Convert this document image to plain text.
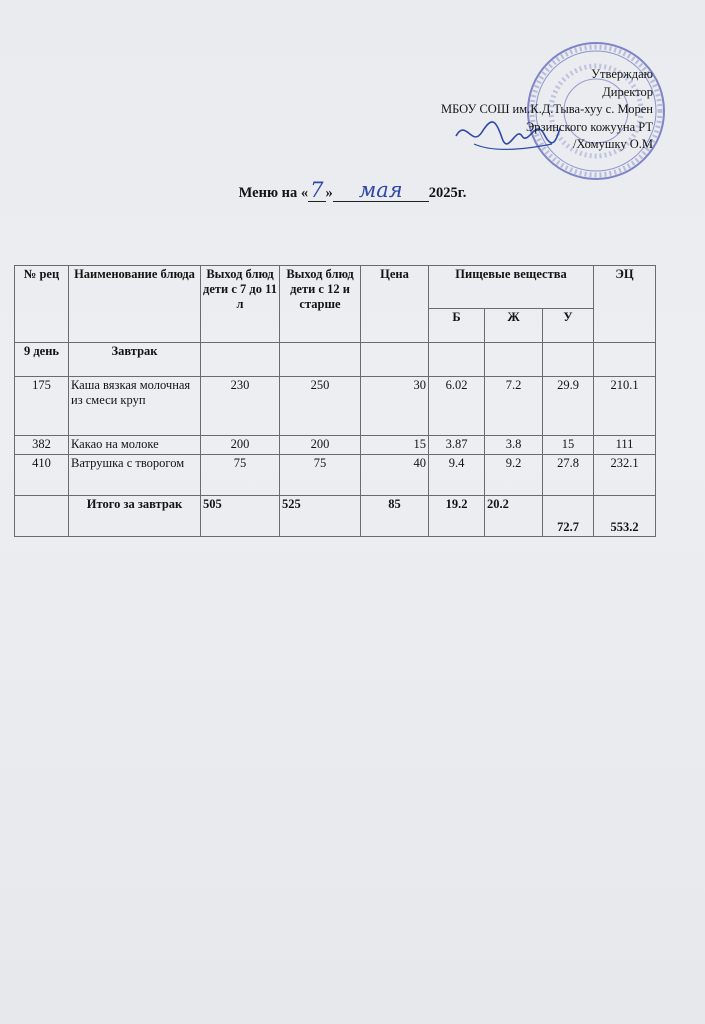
Утверждаю
Директор
МБОУ СОШ им.К.Д.Тыва-хуу с. Морен
Эрзинского кожууна РТ
/Хомушку О.М
Меню на «7 » мая 2025г.
№ рец	Наименование блюда	Выход блюд дети с 7 до 11 л	Выход блюд дети с 12 и старше	Цена	Пищевые вещества			ЭЦ
					Б	Ж	У	
9 день	Завтрак							
175	Каша вязкая молочная из смеси круп	230	250	30	6.02	7.2	29.9	210.1
382	Какао на молоке	200	200	15	3.87	3.8	15	111
410	Ватрушка с творогом	75	75	40	9.4	9.2	27.8	232.1
	Итого за завтрак	505	525	85	19.2	20.2	72.7	553.2
